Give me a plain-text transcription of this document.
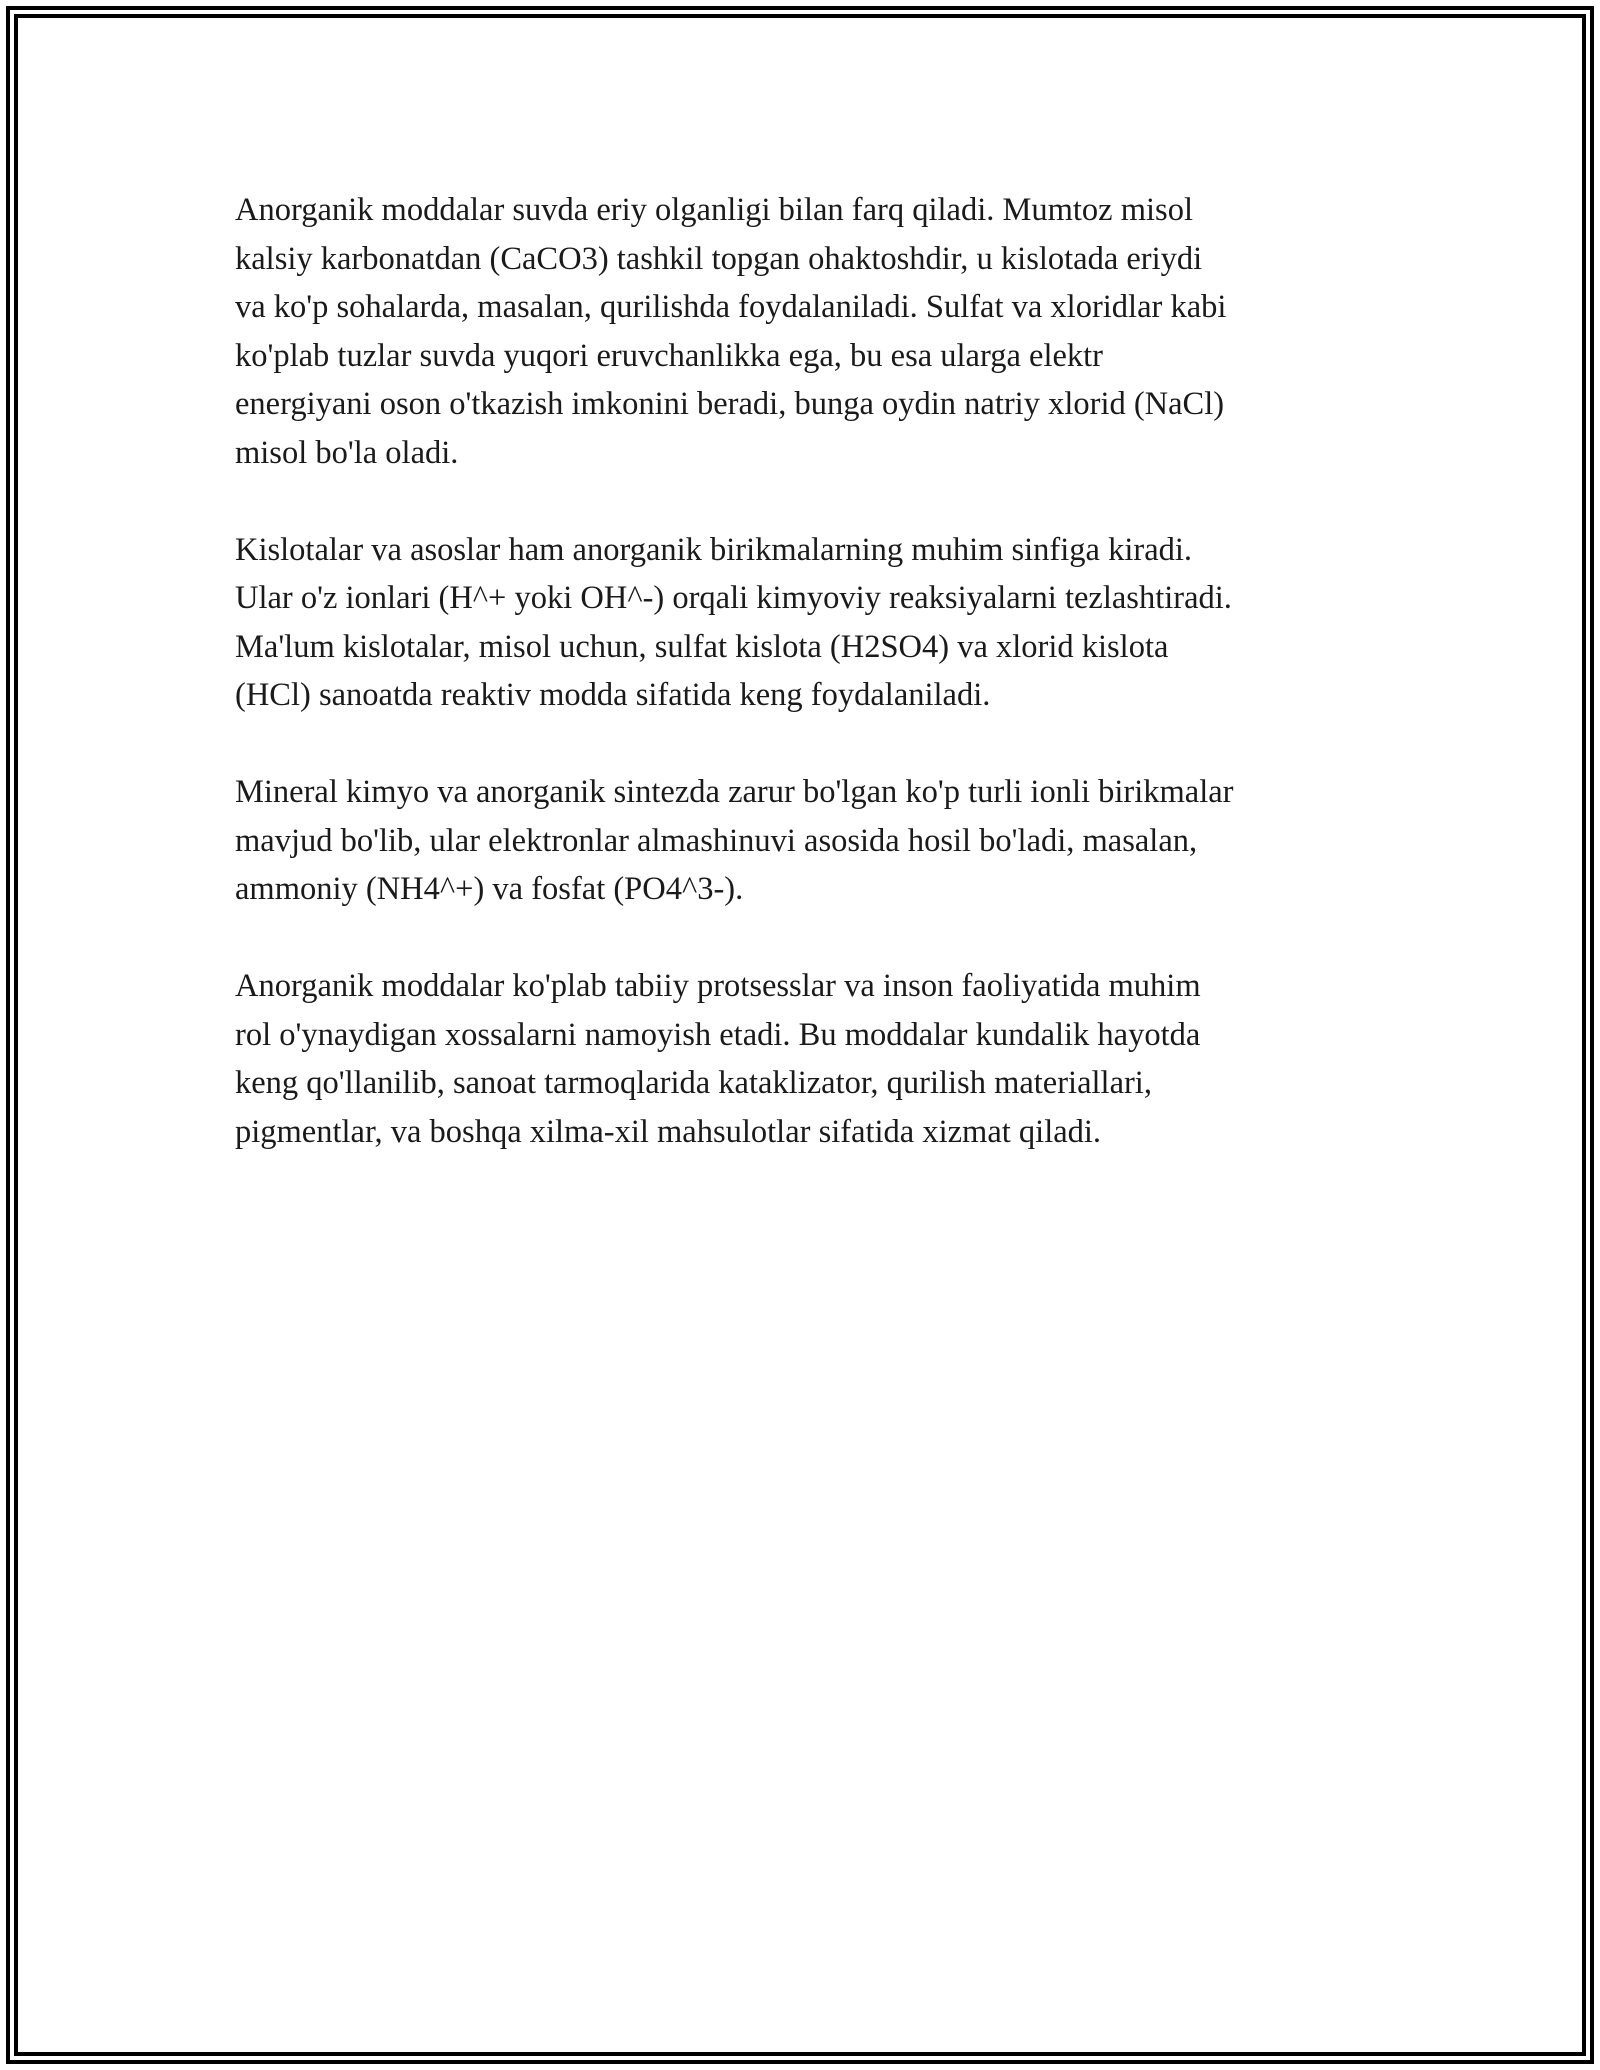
Anorganik moddalar suvda eriy olganligi bilan farq qiladi. Mumtoz misol
kalsiy karbonatdan (CaCO3) tashkil topgan ohaktoshdir, u kislotada eriydi
va ko'p sohalarda, masalan, qurilishda foydalaniladi. Sulfat va xloridlar kabi
ko'plab tuzlar suvda yuqori eruvchanlikka ega, bu esa ularga elektr
energiyani oson o'tkazish imkonini beradi, bunga oydin natriy xlorid (NaCl)
misol bo'la oladi.

Kislotalar va asoslar ham anorganik birikmalarning muhim sinfiga kiradi.
Ular o'z ionlari (H^+ yoki OH^-) orqali kimyoviy reaksiyalarni tezlashtiradi.
Ma'lum kislotalar, misol uchun, sulfat kislota (H2SO4) va xlorid kislota
(HCl) sanoatda reaktiv modda sifatida keng foydalaniladi.

Mineral kimyo va anorganik sintezda zarur bo'lgan ko'p turli ionli birikmalar
mavjud bo'lib, ular elektronlar almashinuvi asosida hosil bo'ladi, masalan,
ammoniy (NH4^+) va fosfat (PO4^3-).

Anorganik moddalar ko'plab tabiiy protsesslar va inson faoliyatida muhim
rol o'ynaydigan xossalarni namoyish etadi. Bu moddalar kundalik hayotda
keng qo'llanilib, sanoat tarmoqlarida kataklizator, qurilish materiallari,
pigmentlar, va boshqa xilma-xil mahsulotlar sifatida xizmat qiladi.
